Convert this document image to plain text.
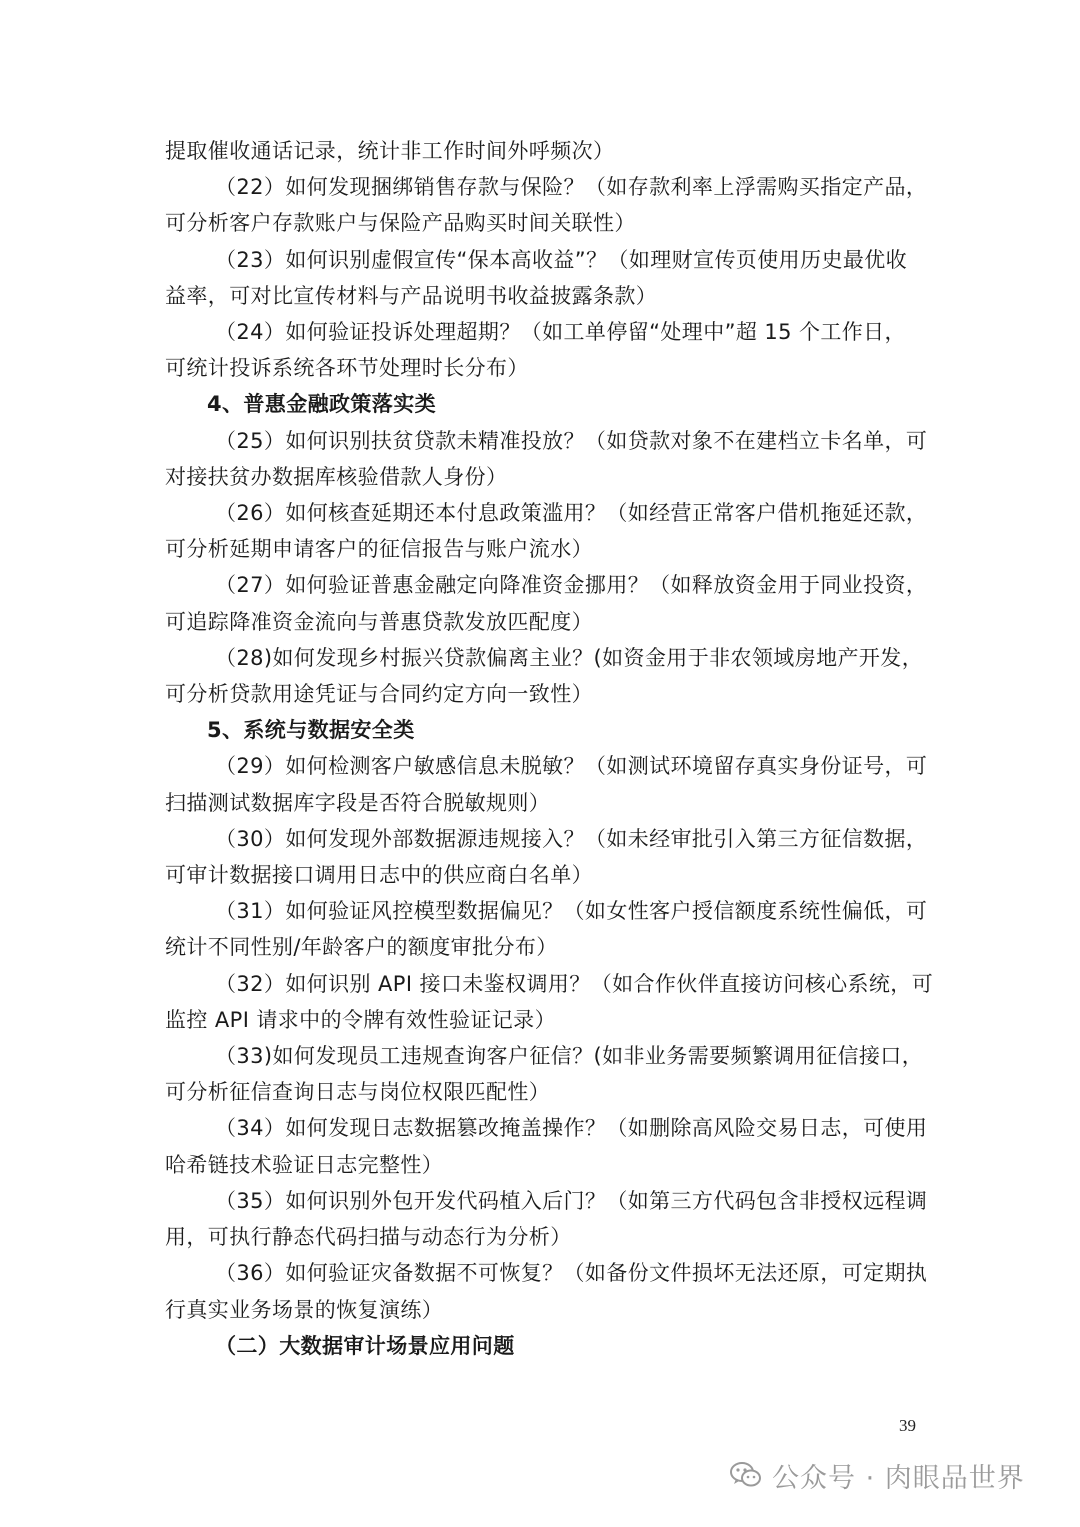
提取催收通话记录，统计非工作时间外呼频次）
（22）如何发现捆绑销售存款与保险？（如存款利率上浮需购买指定产品，
可分析客户存款账户与保险产品购买时间关联性）
（23）如何识别虚假宣传“保本高收益”？（如理财宣传页使用历史最优收
益率，可对比宣传材料与产品说明书收益披露条款）
（24）如何验证投诉处理超期？（如工单停留“处理中”超 15 个工作日，
可统计投诉系统各环节处理时长分布）
4、普惠金融政策落实类
（25）如何识别扶贫贷款未精准投放？（如贷款对象不在建档立卡名单，可
对接扶贫办数据库核验借款人身份）
（26）如何核查延期还本付息政策滥用？（如经营正常客户借机拖延还款，
可分析延期申请客户的征信报告与账户流水）
（27）如何验证普惠金融定向降准资金挪用？（如释放资金用于同业投资，
可追踪降准资金流向与普惠贷款发放匹配度）
（28)如何发现乡村振兴贷款偏离主业？(如资金用于非农领域房地产开发，
可分析贷款用途凭证与合同约定方向一致性）
5、系统与数据安全类
（29）如何检测客户敏感信息未脱敏？（如测试环境留存真实身份证号，可
扫描测试数据库字段是否符合脱敏规则）
（30）如何发现外部数据源违规接入？（如未经审批引入第三方征信数据，
可审计数据接口调用日志中的供应商白名单）
（31）如何验证风控模型数据偏见？（如女性客户授信额度系统性偏低，可
统计不同性别/年龄客户的额度审批分布）
（32）如何识别 API 接口未鉴权调用？（如合作伙伴直接访问核心系统，可
监控 API 请求中的令牌有效性验证记录）
（33)如何发现员工违规查询客户征信？(如非业务需要频繁调用征信接口，
可分析征信查询日志与岗位权限匹配性）
（34）如何发现日志数据篡改掩盖操作？（如删除高风险交易日志，可使用
哈希链技术验证日志完整性）
（35）如何识别外包开发代码植入后门？（如第三方代码包含非授权远程调
用，可执行静态代码扫描与动态行为分析）
（36）如何验证灾备数据不可恢复？（如备份文件损坏无法还原，可定期执
行真实业务场景的恢复演练）
（二）大数据审计场景应用问题
39
公众号 · 肉眼品世界
